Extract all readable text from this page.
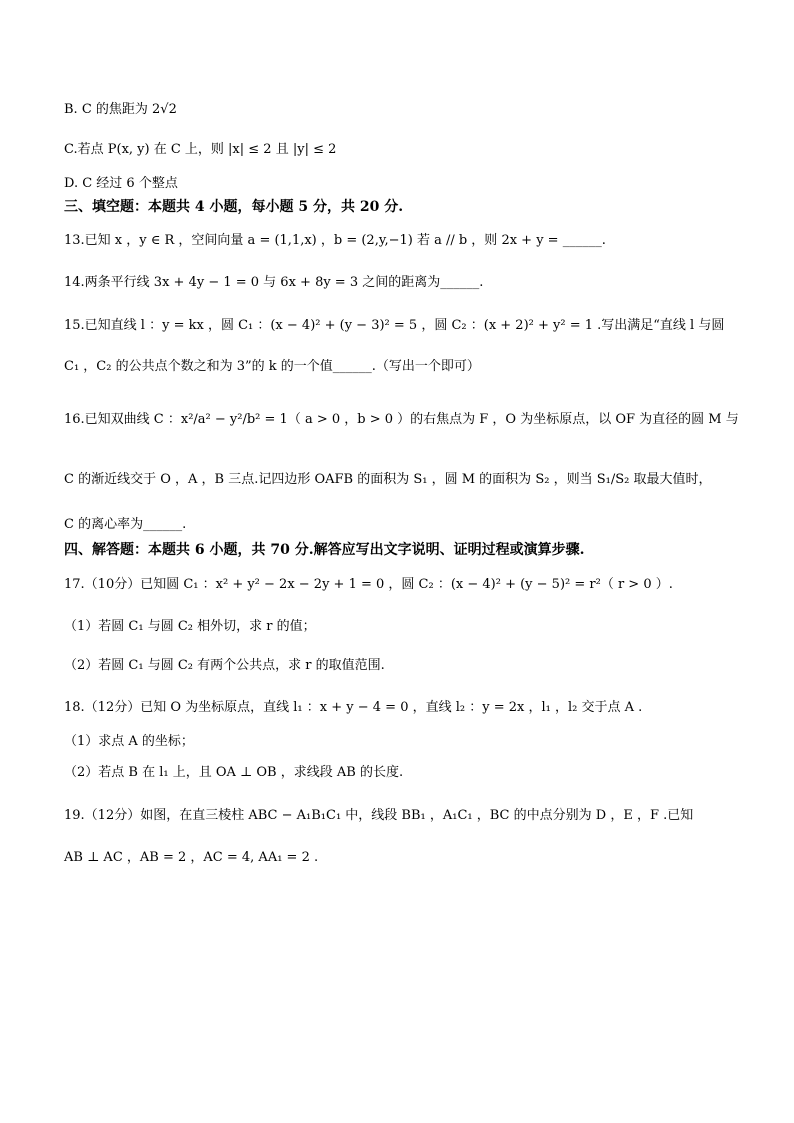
B. C 的焦距为 2√2
C.若点 P(x, y) 在 C 上，则 |x| ≤ 2 且 |y| ≤ 2
D. C 经过 6 个整点
三、填空题：本题共 4 小题，每小题 5 分，共 20 分.
13.已知 x ，y ∈ R ，空间向量 a = (1,1,x) ，b = (2,y,−1) 若 a // b ，则 2x + y = ______.
14.两条平行线 3x + 4y − 1 = 0 与 6x + 8y = 3 之间的距离为______.
15.已知直线 l ：y = kx ，圆 C₁ ：(x − 4)² + (y − 3)² = 5 ，圆 C₂ ：(x + 2)² + y² = 1 .写出满足“直线 l 与圆
C₁ ，C₂ 的公共点个数之和为 3”的 k 的一个值______.（写出一个即可）
16.已知双曲线 C ：x²/a² − y²/b² = 1（ a > 0 ，b > 0 ）的右焦点为 F ，O 为坐标原点，以 OF 为直径的圆 M 与
C 的渐近线交于 O ，A ，B 三点.记四边形 OAFB 的面积为 S₁ ，圆 M 的面积为 S₂ ，则当 S₁/S₂ 取最大值时，
C 的离心率为______.
四、解答题：本题共 6 小题，共 70 分.解答应写出文字说明、证明过程或演算步骤.
17.（10分）已知圆 C₁ ：x² + y² − 2x − 2y + 1 = 0 ，圆 C₂ ：(x − 4)² + (y − 5)² = r²（ r > 0 ）.
（1）若圆 C₁ 与圆 C₂ 相外切，求 r 的值；
（2）若圆 C₁ 与圆 C₂ 有两个公共点，求 r 的取值范围.
18.（12分）已知 O 为坐标原点，直线 l₁ ：x + y − 4 = 0 ，直线 l₂ ：y = 2x ，l₁ ，l₂ 交于点 A .
（1）求点 A 的坐标；
（2）若点 B 在 l₁ 上，且 OA ⊥ OB ，求线段 AB 的长度.
19.（12分）如图，在直三棱柱 ABC − A₁B₁C₁ 中，线段 BB₁ ，A₁C₁ ，BC 的中点分别为 D ，E ，F .已知
AB ⊥ AC ，AB = 2 ，AC = 4, AA₁ = 2 .
